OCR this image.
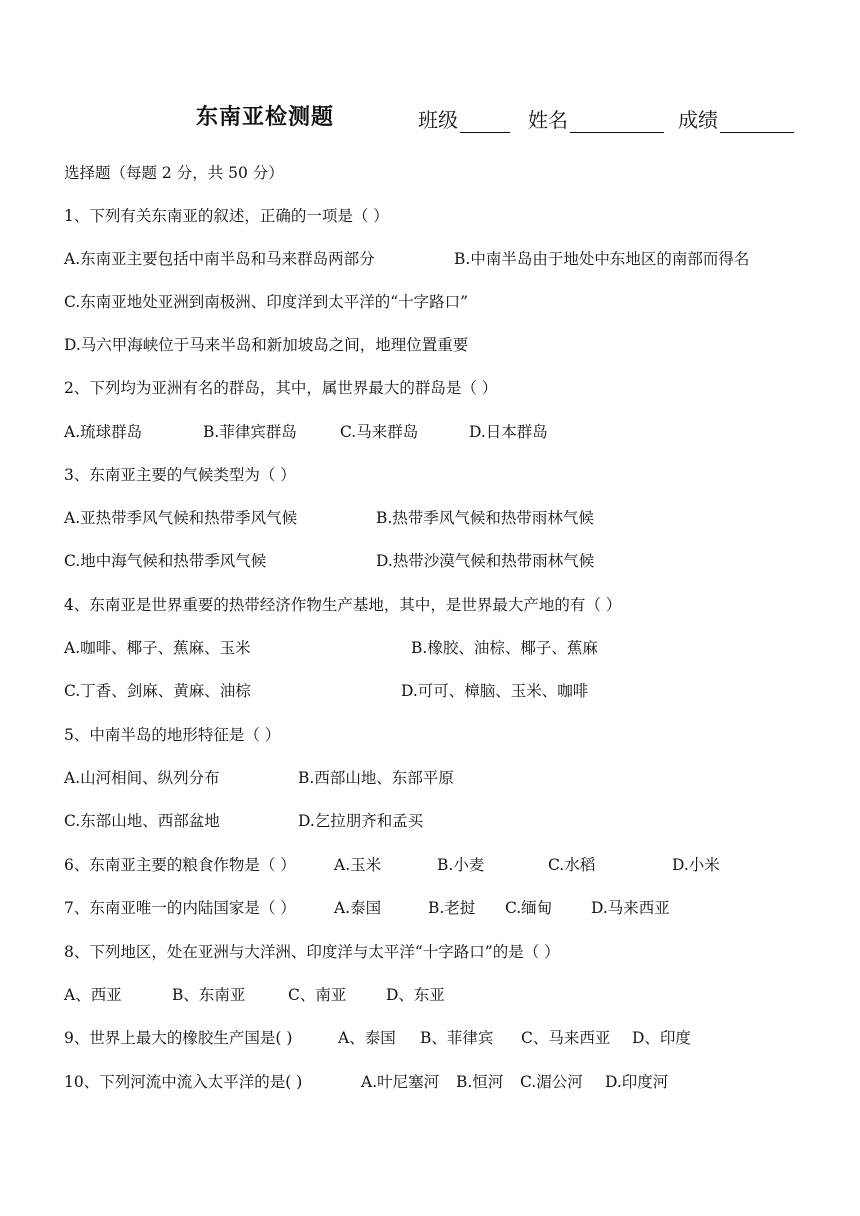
东南亚检测题	班级	姓名	成绩
选择题（每题 2 分，共 50 分）
1、下列有关东南亚的叙述，正确的一项是（ ）
A.东南亚主要包括中南半岛和马来群岛两部分	B.中南半岛由于地处中东地区的南部而得名
C.东南亚地处亚洲到南极洲、印度洋到太平洋的“十字路口”
D.马六甲海峡位于马来半岛和新加坡岛之间，地理位置重要
2、下列均为亚洲有名的群岛，其中，属世界最大的群岛是（ ）
A.琉球群岛	B.菲律宾群岛	C.马来群岛	D.日本群岛
3、东南亚主要的气候类型为（ ）
A.亚热带季风气候和热带季风气候	B.热带季风气候和热带雨林气候
C.地中海气候和热带季风气候	D.热带沙漠气候和热带雨林气候
4、东南亚是世界重要的热带经济作物生产基地，其中，是世界最大产地的有（ ）
A.咖啡、椰子、蕉麻、玉米	B.橡胶、油棕、椰子、蕉麻
C.丁香、剑麻、黄麻、油棕	D.可可、樟脑、玉米、咖啡
5、中南半岛的地形特征是（ ）
A.山河相间、纵列分布	B.西部山地、东部平原
C.东部山地、西部盆地	D.乞拉朋齐和孟买
6、东南亚主要的粮食作物是（ ） A.玉米	B.小麦	C.水稻	D.小米
7、东南亚唯一的内陆国家是（ ） A.泰国	B.老挝 C.缅甸	D.马来西亚
8、下列地区，处在亚洲与大洋洲、印度洋与太平洋“十字路口”的是（ ）
A、西亚	B、东南亚	C、南亚	D、东亚
9、世界上最大的橡胶生产国是( )	A、泰国 B、菲律宾 C、马来西亚 D、印度
10、下列河流中流入太平洋的是( )	A.叶尼塞河 B.恒河 C.湄公河 D.印度河
